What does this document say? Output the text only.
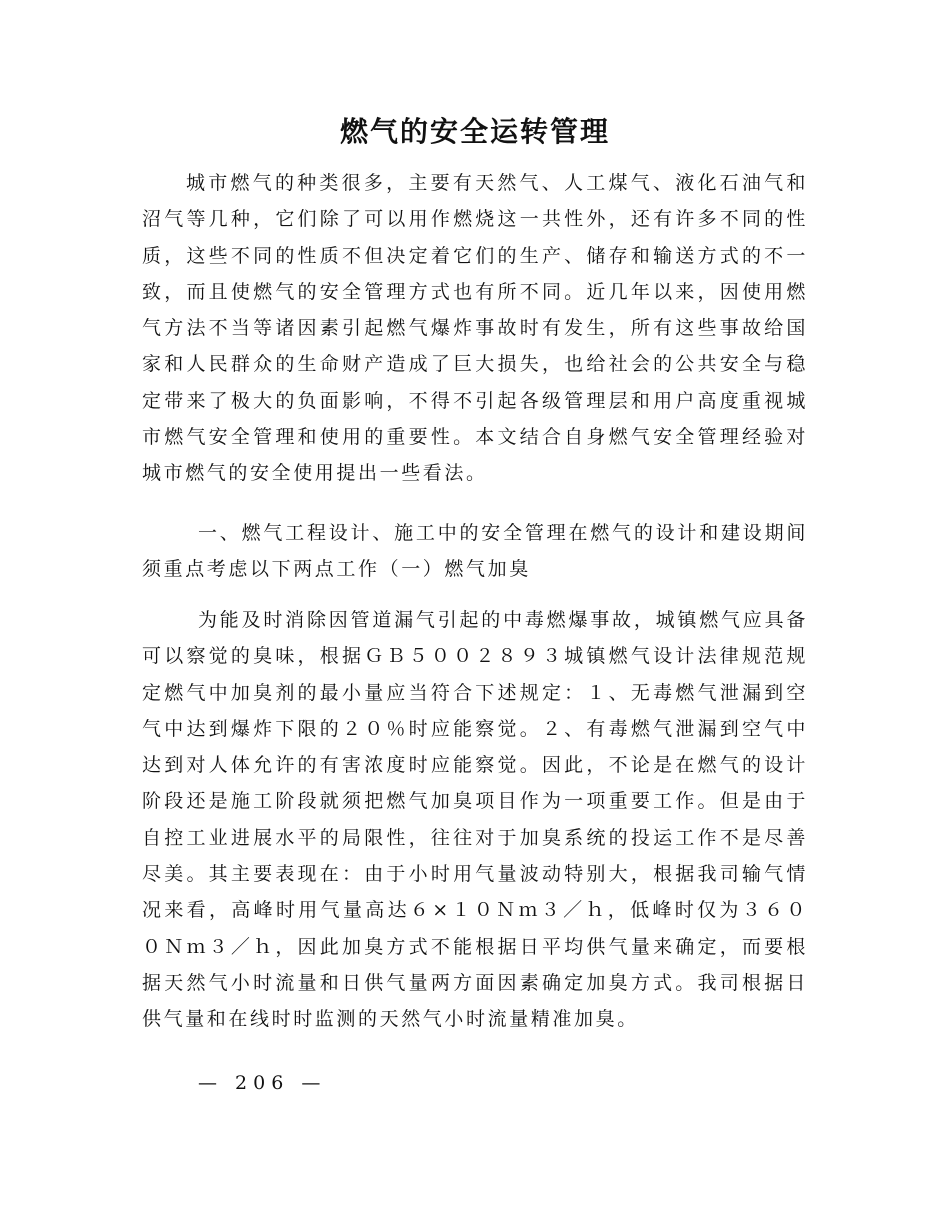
燃气的安全运转管理

城市燃气的种类很多，主要有天然气、人工煤气、液化石油气和沼气等几种，它们除了可以用作燃烧这一共性外，还有许多不同的性质，这些不同的性质不但决定着它们的生产、储存和输送方式的不一致，而且使燃气的安全管理方式也有所不同。近几年以来，因使用燃气方法不当等诸因素引起燃气爆炸事故时有发生，所有这些事故给国家和人民群众的生命财产造成了巨大损失，也给社会的公共安全与稳定带来了极大的负面影响，不得不引起各级管理层和用户高度重视城市燃气安全管理和使用的重要性。本文结合自身燃气安全管理经验对城市燃气的安全使用提出一些看法。

一、燃气工程设计、施工中的安全管理在燃气的设计和建设期间须重点考虑以下两点工作（一）燃气加臭

为能及时消除因管道漏气引起的中毒燃爆事故，城镇燃气应具备可以察觉的臭味，根据ＧＢ５００２８９３城镇燃气设计法律规范规定燃气中加臭剂的最小量应当符合下述规定：１、无毒燃气泄漏到空气中达到爆炸下限的２０％时应能察觉。２、有毒燃气泄漏到空气中达到对人体允许的有害浓度时应能察觉。因此，不论是在燃气的设计阶段还是施工阶段就须把燃气加臭项目作为一项重要工作。但是由于自控工业进展水平的局限性，往往对于加臭系统的投运工作不是尽善尽美。其主要表现在：由于小时用气量波动特别大，根据我司输气情况来看，高峰时用气量高达６×１０Ｎｍ３／ｈ，低峰时仅为３６００Ｎｍ３／ｈ，因此加臭方式不能根据日平均供气量来确定，而要根据天然气小时流量和日供气量两方面因素确定加臭方式。我司根据日供气量和在线时时监测的天然气小时流量精准加臭。

— 206 —
